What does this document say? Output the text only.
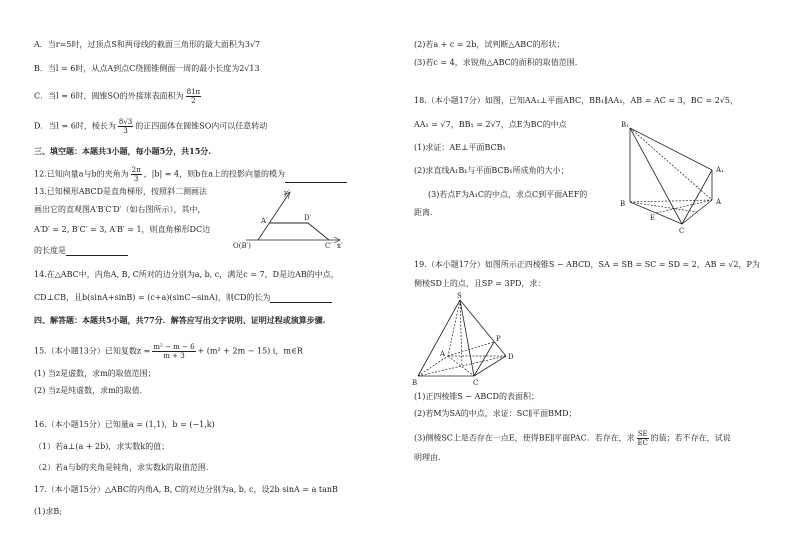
A．当r=5时，过顶点S和两母线的截面三角形的最大面积为3√7
B．当l = 6时，从点A到点C绕圆锥侧面一周的最小长度为2√13
C．当l = 6时，圆锥SO的外接球表面积为 $\frac{81\pi}{2}$
D．当l = 6时，棱长为 $\frac{8√3}{3}$ 的正四面体在圆锥SO内可以任意转动
三、填空题：本题共3小题，每小题5分，共15分.
12.已知向量a与b的夹角为 $\frac{2\pi}{3}$ ，|b| = 4，则b在a上的投影向量的模为
13.已知梯形ABCD是直角梯形，按照斜二测画法
画出它的直观图A′B′C′D′（如右图所示），其中，
A′D′ = 2, B′C′ = 3, A′B′ = 1，则直角梯形DC边
的长度是
y′
A′	D′
O(B′)	C′ x′
14.在△ABC中，内角A, B, C所对的边分别为a, b, c，满足c = 7，D是边AB的中点，
CD⊥CB，且b(sinA+sinB) = (c+a)(sinC−sinA)，则CD的长为
四、解答题：本题共5小题，共77分．解答应写出文字说明、证明过程或演算步骤.
15.（本小题13分）已知复数$z = \frac{\text{m² − m − 6}}{m + 3} + (m^2 + 2m - 15)$ i，m∈R
(1) 当z是虚数，求m的取值范围；
(2) 当z是纯虚数，求m的取值.
16.（本小题15分）已知量a = (1,1)，b = (−1,k)
（1）若a⊥(a + 2b)，求实数k的值；
（2）若a与b的夹角是钝角，求实数k的取值范围.
17.（本小题15分）△ABC的内角A, B, C的对边分别为a, b, c，设2b sinA = a tanB
(1)求B;
(2)若a + c = 2b，试判断△ABC的形状；
(3)若c = 4，求锐角△ABC的面积的取值范围.
18.（本小题17分）如图，已知AA₁⊥平面ABC，BB₁∥AA₁，AB = AC = 3，BC = 2√5，
AA₁ = √7，BB₁ = 2√7，点E为BC的中点
(1)求证：AE⊥平面BCB₁
(2)求直线A₁B₁与平面BCB₁所成角的大小；
(3)若点F为A₁C的中点，求点C到平面AEF的
距离.
B₁
A₁
B
E
A
C
19.（本小题17分）如图所示正四棱锥S − ABCD，SA = SB = SC = SD = 2，AB = √2，P为
侧棱SD上的点，且SP = 3PD，求：
S
P
A	D
B	C
(1)正四棱锥S − ABCD的表面积；
(2)若M为SA的中点，求证：SC∥平面BMD；
(3)侧棱SC上是否存在一点E，使得BE∥平面PAC．若存在，求 $\frac{SE}{EC}$ 的值；若不存在，试说
明理由.
